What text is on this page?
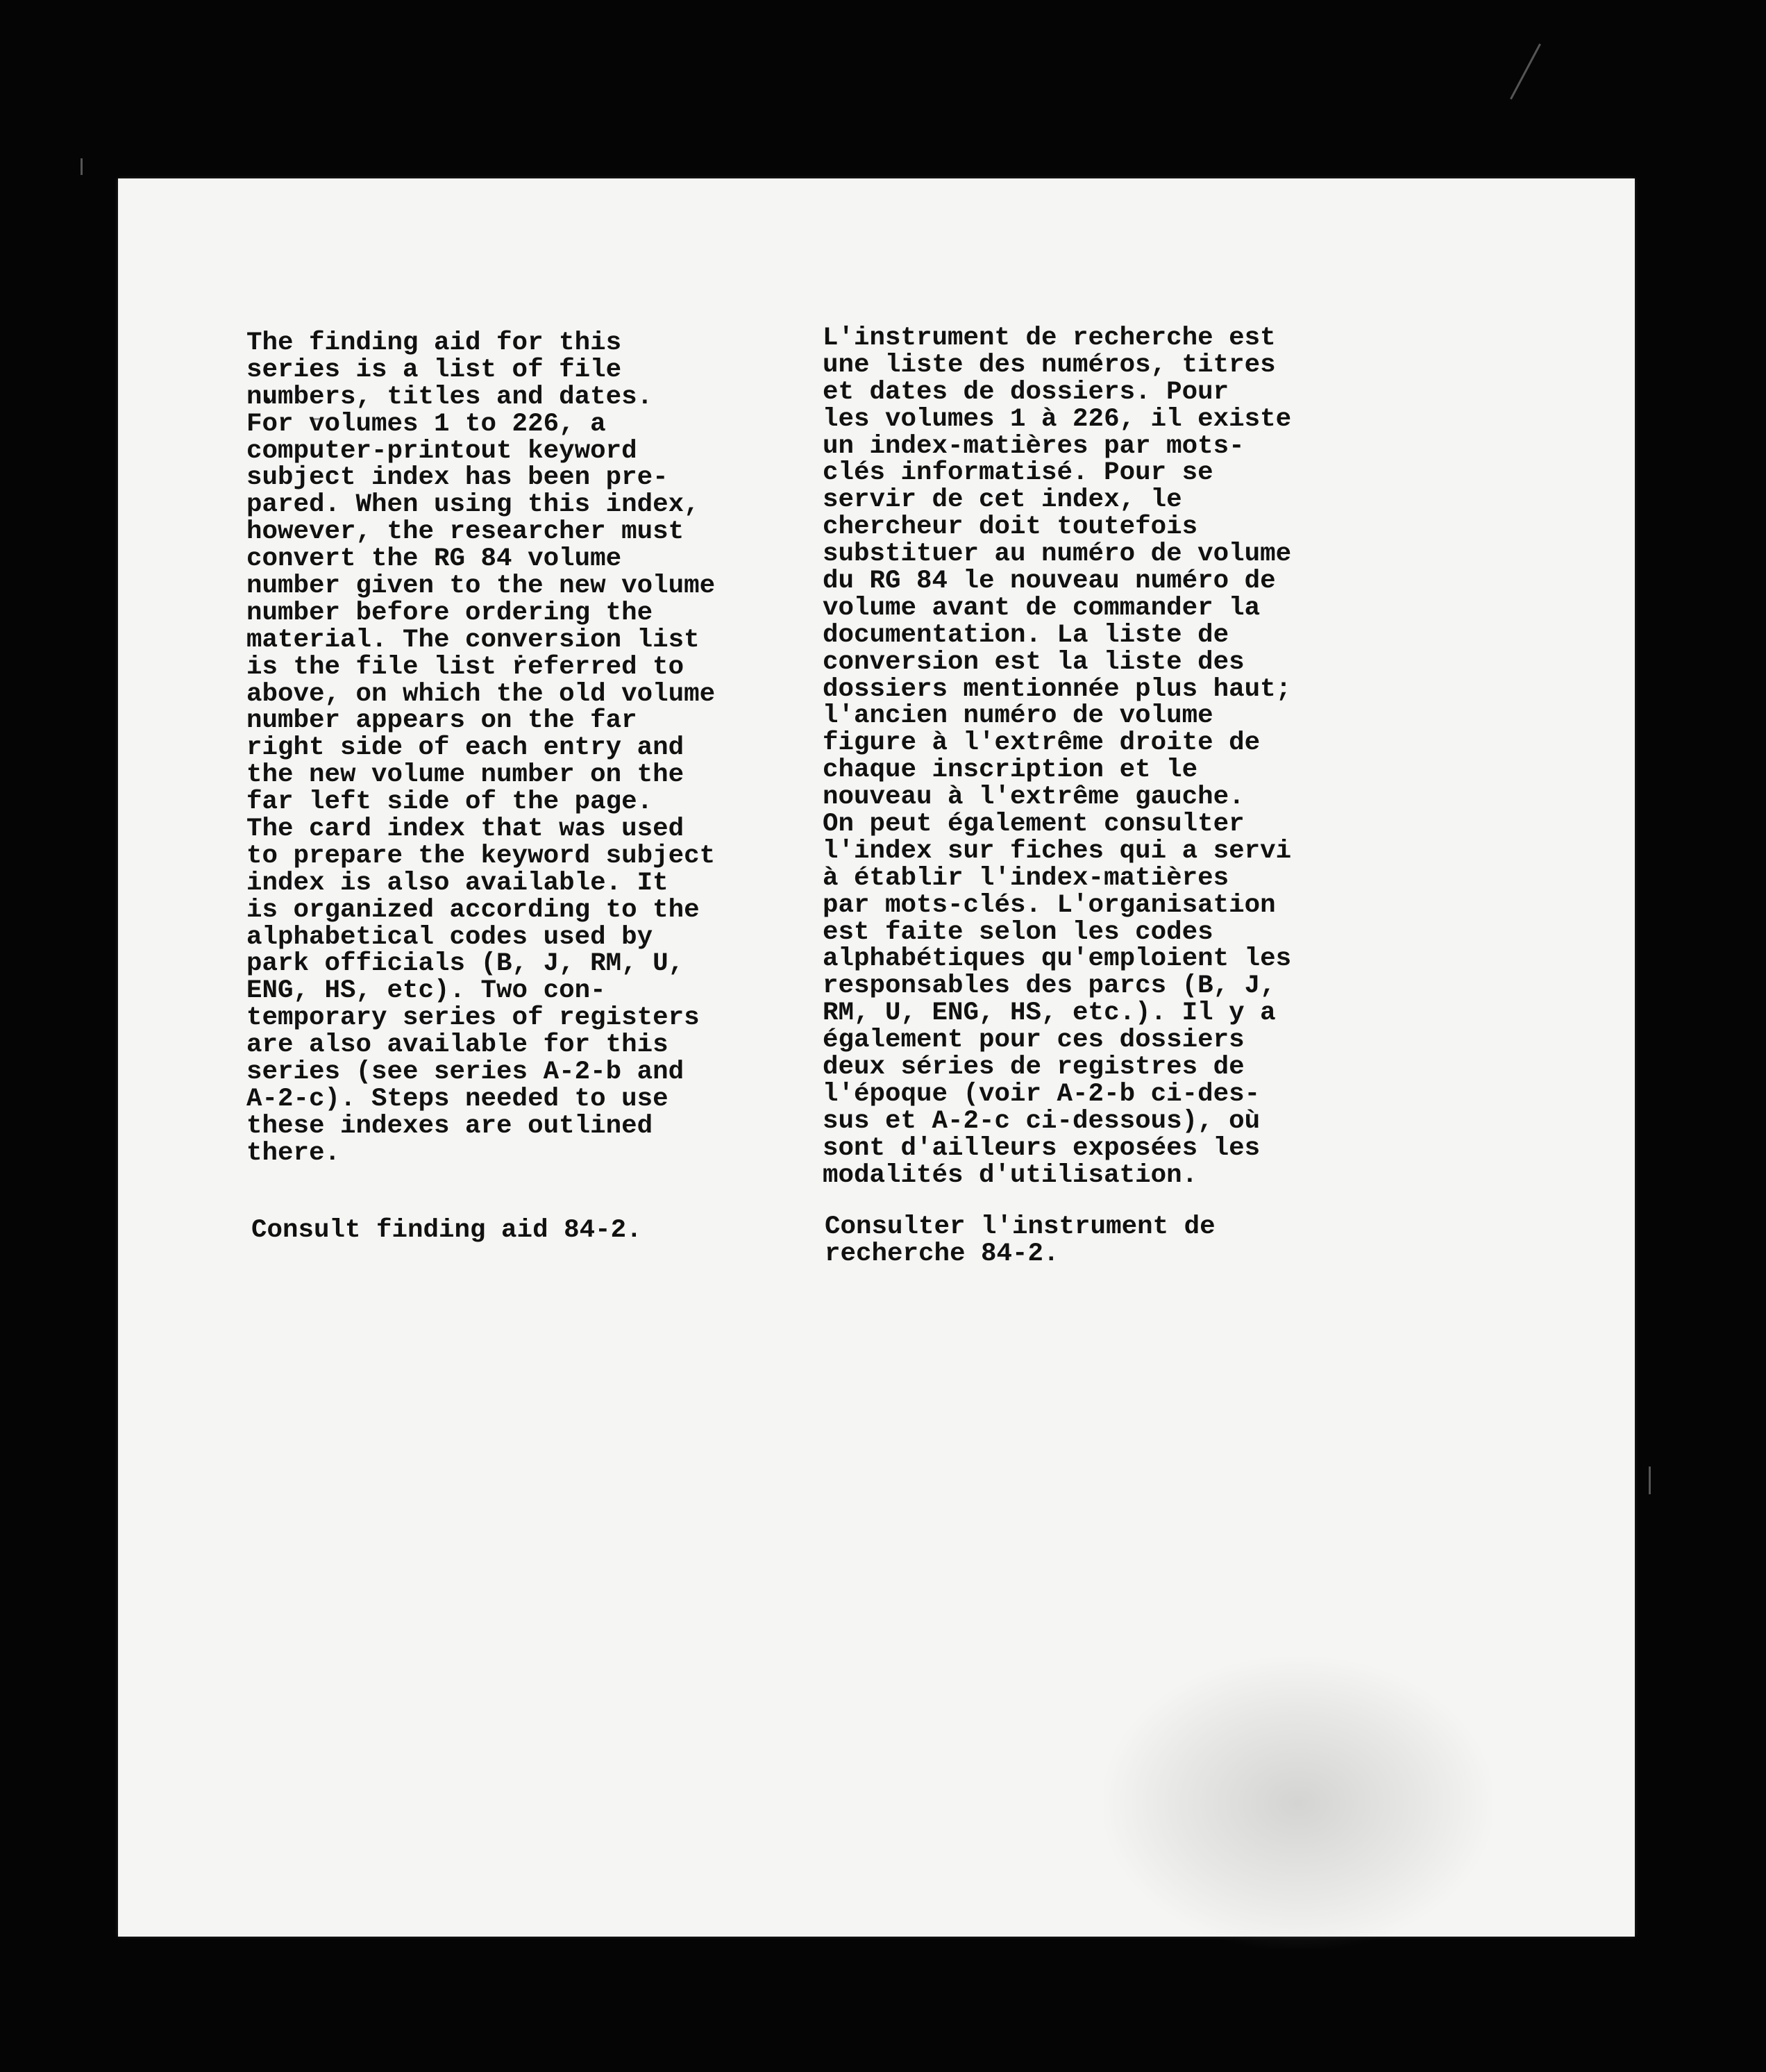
The finding aid for this
series is a list of file
numbers, titles and dates.
For volumes 1 to 226, a
computer-printout keyword
subject index has been pre-
pared. When using this index,
however, the researcher must
convert the RG 84 volume
number given to the new volume
number before ordering the
material. The conversion list
is the file list ṙeferred to
above, on which the old volume
number appears on the far
right side of each entry and
the new volume number on the
far left side of the page.
The card index that was used
to prepare the keyword subject
index is also available. It
is organized according to the
alphabetical codes used by
park officials (B, J, RM, U,
ENG, HS, etc). Two con-
temporary series of registers
are also available for this
series (see series A-2-b and
A-2-c). Steps needed to use
these indexes are outlined
there.
L'instrument de recherche est
une liste des numéros, titres
et dates de dossiers. Pour
les volumes 1 à 226, il existe
un index-matières par mots-
clés informatisé. Pour se
servir de cet index, le
chercheur doit toutefois
substituer au numéro de volume
du RG 84 le nouveau numéro de
volume avant de commander la
documentation. La liste de
conversion est la liste des
dossiers mentionnée plus haut;
l'ancien numéro de volume
figure à l'extrême droite de
chaque inscription et le
nouveau à l'extrême gauche.
On peut également consulter
l'index sur fiches qui a servi
à établir l'index-matières
par mots-clés. L'organisation
est faite selon les codes
alphabétiques qu'emploient les
responsables des parcs (B, J,
RM, U, ENG, HS, etc.). Il y a
également pour ces dossiers
deux séries de registres de
l'époque (voir A-2-b ci-des-
sus et A-2-c ci-dessous), où
sont d'ailleurs exposées les
modalités d'utilisation.
Consult finding aid 84-2.	Consulter l'instrument de
recherche 84-2.
